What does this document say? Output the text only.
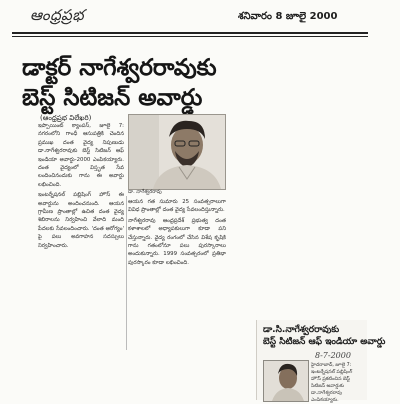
ఆంధ్రప్రభ	శనివారం 8 జూలై 2000
డాక్టర్ నాగేశ్వరరావుకు
బెస్ట్ సిటిజన్ అవార్డు
(ఆంధ్రప్రభ విలేఖరి)

ఇప్పాయింట్ క్యాంపస్, జూలై 7: నగరంలోని గాంధీ ఆసుపత్రికి చెందిన ప్రముఖ దంత వైద్య నిపుణుడు డా.నాగేశ్వరరావుకు బెస్ట్ సిటిజన్ ఆఫ్ ఇండియా అవార్డు-2000 ఎంపికయ్యారు. దంత వైద్యంలో విస్తృత సేవ లందించినందుకు గాను ఈ అవార్డు లభించింది.

ఇంటర్నేషనల్ పబ్లిషింగ్ హౌస్ ఈ అవార్డును అందించనుంది. ఆయన గ్రామీణ ప్రాంతాల్లో ఉచిత దంత వైద్య శిబిరాలను నిర్వహించి వేలాది మంది పేదలకు సేవలందించారు. 'దంత ఆరోగ్యం' పై పలు అవగాహన సదస్సులు నిర్వహించారు.

డా. నాగేశ్వరరావు

ఆయన గత సుమారు 25 సంవత్సరాలుగా వివిధ ప్రాంతాల్లో దంత వైద్య సేవలందిస్తున్నారు.

నాగేశ్వరరావు ఆంధ్రప్రదేశ్ ప్రభుత్వ దంత కళాశాలలో అధ్యాపకులుగా కూడా పని చేస్తున్నారు. వైద్య రంగంలో చేసిన విశేష కృషికి గాను గతంలోనూ పలు పురస్కారాలు అందుకున్నారు. 1999 సంవత్సరంలో ప్రతిభా పురస్కారం కూడా లభించింది.

డా.సి.నాగేశ్వరరావుకు
బెస్ట్ సిటిజన్ ఆఫ్ ఇండియా అవార్డు
8-7-2000
హైదరాబాద్, జూలై 7: ఇంటర్నేషనల్ పబ్లిషింగ్ హౌస్ ప్రకటించిన బెస్ట్ సిటిజన్ అవార్డుకు డా.నాగేశ్వరరావు ఎంపికయ్యారు.
